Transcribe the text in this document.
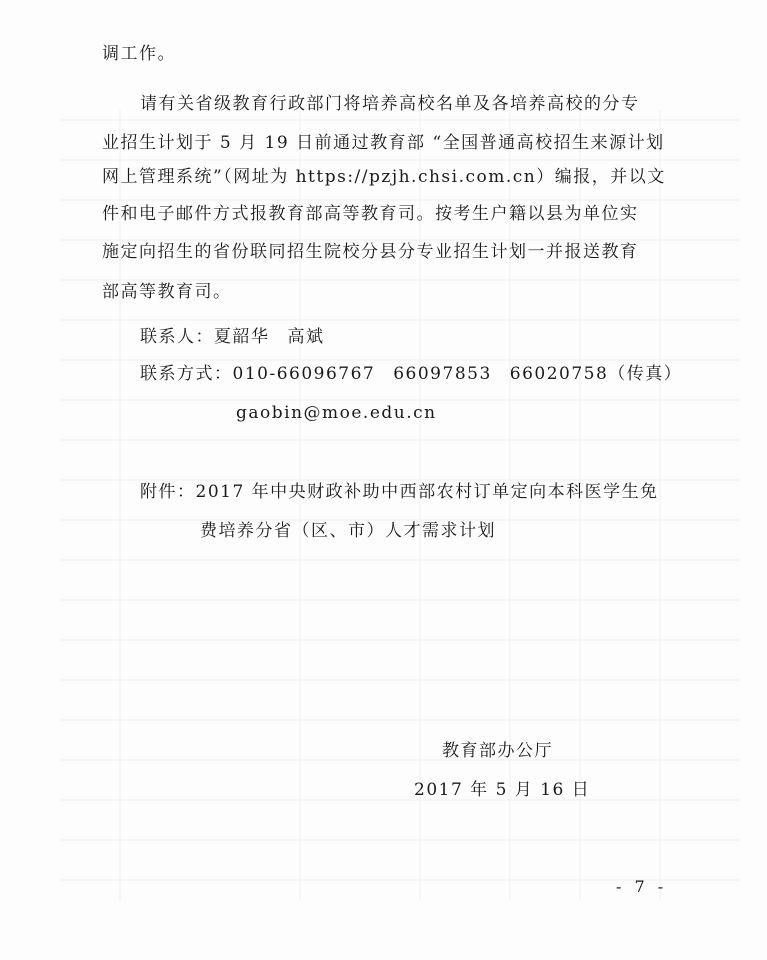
调工作。
请有关省级教育行政部门将培养高校名单及各培养高校的分专
业招生计划于 5 月 19 日前通过教育部 “全国普通高校招生来源计划
网上管理系统”（网址为 https://pzjh.chsi.com.cn）编报，并以文
件和电子邮件方式报教育部高等教育司。按考生户籍以县为单位实
施定向招生的省份联同招生院校分县分专业招生计划一并报送教育
部高等教育司。
联系人：夏韶华 高斌
联系方式：010-66096767 66097853 66020758（传真）
gaobin@moe.edu.cn
附件：2017 年中央财政补助中西部农村订单定向本科医学生免
费培养分省（区、市）人才需求计划
教育部办公厅
2017 年 5 月 16 日
- 7 -
